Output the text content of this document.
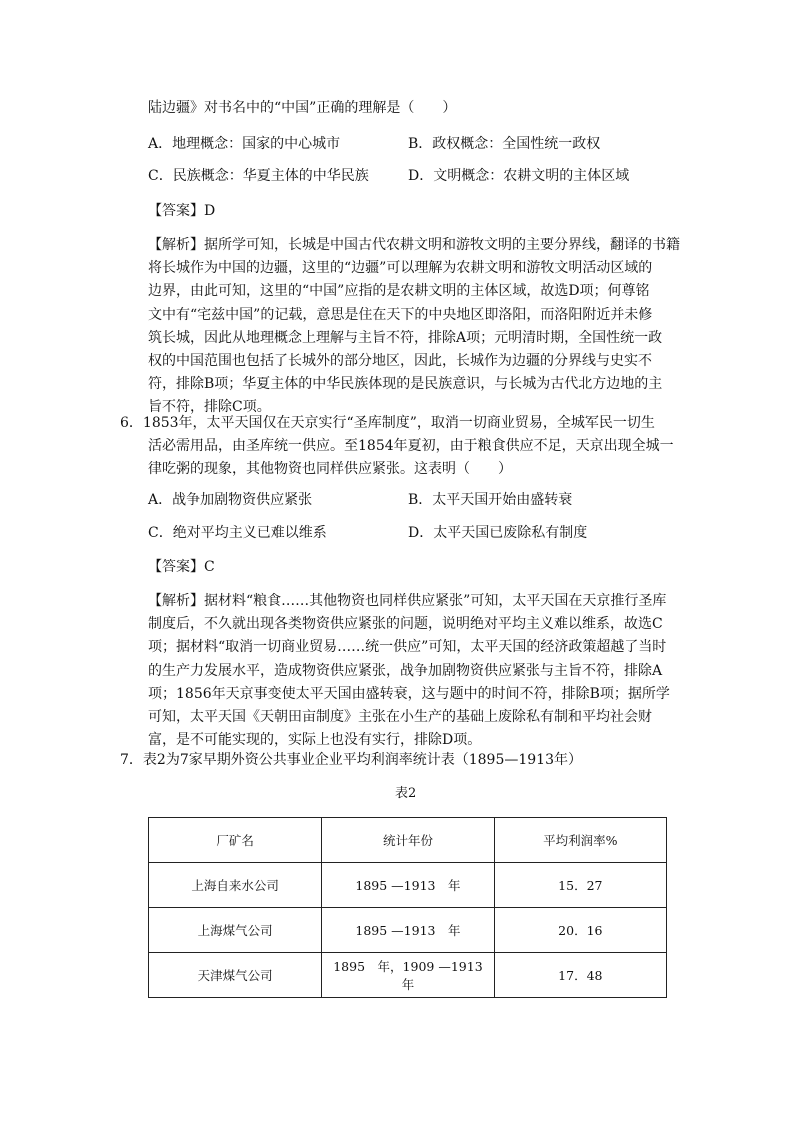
陆边疆》对书名中的“中国”正确的理解是（　　）
A．地理概念：国家的中心城市	B．政权概念：全国性统一政权
C．民族概念：华夏主体的中华民族	D．文明概念：农耕文明的主体区域
【答案】D
【解析】据所学可知，长城是中国古代农耕文明和游牧文明的主要分界线，翻译的书籍
将长城作为中国的边疆，这里的“边疆”可以理解为农耕文明和游牧文明活动区域的
边界，由此可知，这里的“中国”应指的是农耕文明的主体区域，故选D项；何尊铭
文中有“宅兹中国”的记载，意思是住在天下的中央地区即洛阳，而洛阳附近并未修
筑长城，因此从地理概念上理解与主旨不符，排除A项；元明清时期，全国性统一政
权的中国范围也包括了长城外的部分地区，因此，长城作为边疆的分界线与史实不
符，排除B项；华夏主体的中华民族体现的是民族意识，与长城为古代北方边地的主
旨不符，排除C项。
6．1853年，太平天国仅在天京实行“圣库制度”，取消一切商业贸易，全城军民一切生
活必需用品，由圣库统一供应。至1854年夏初，由于粮食供应不足，天京出现全城一
律吃粥的现象，其他物资也同样供应紧张。这表明（　　）
A．战争加剧物资供应紧张	B．太平天国开始由盛转衰
C．绝对平均主义已难以维系	D．太平天国已废除私有制度
【答案】C
【解析】据材料“粮食……其他物资也同样供应紧张”可知，太平天国在天京推行圣库
制度后，不久就出现各类物资供应紧张的问题，说明绝对平均主义难以维系，故选C
项；据材料“取消一切商业贸易……统一供应”可知，太平天国的经济政策超越了当时
的生产力发展水平，造成物资供应紧张，战争加剧物资供应紧张与主旨不符，排除A
项；1856年天京事变使太平天国由盛转衰，这与题中的时间不符，排除B项；据所学
可知，太平天国《天朝田亩制度》主张在小生产的基础上废除私有制和平均社会财
富，是不可能实现的，实际上也没有实行，排除D项。
7．表2为7家早期外资公共事业企业平均利润率统计表（1895—1913年）
表2
厂矿名	统计年份	平均利润率%
上海自来水公司	1895 —1913　年	15．27
上海煤气公司	1895 —1913　年	20．16
天津煤气公司	1895　年，1909 —1913　年	17．48
